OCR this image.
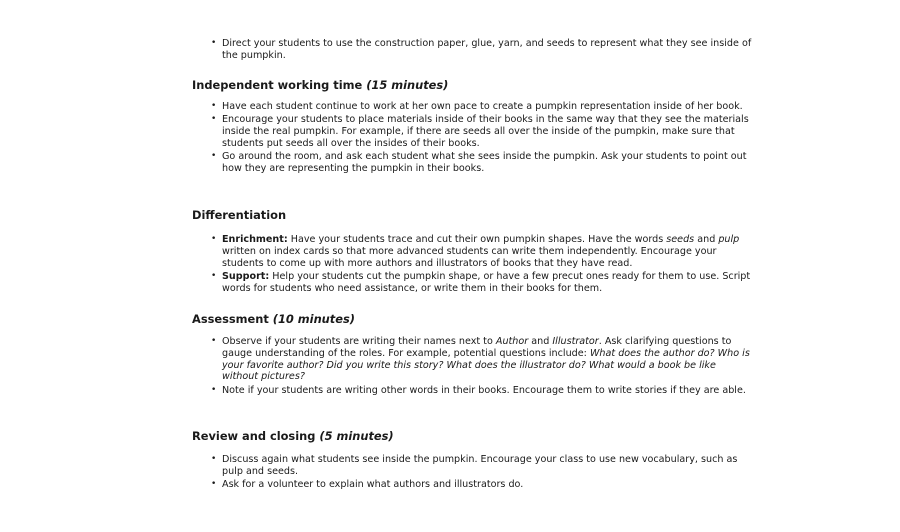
• Direct your students to use the construction paper, glue, yarn, and seeds to represent what they see inside of the pumpkin.
Independent working time (15 minutes)
• Have each student continue to work at her own pace to create a pumpkin representation inside of her book.
• Encourage your students to place materials inside of their books in the same way that they see the materials inside the real pumpkin. For example, if there are seeds all over the inside of the pumpkin, make sure that students put seeds all over the insides of their books.
• Go around the room, and ask each student what she sees inside the pumpkin. Ask your students to point out how they are representing the pumpkin in their books.
Differentiation
• Enrichment: Have your students trace and cut their own pumpkin shapes. Have the words seeds and pulp written on index cards so that more advanced students can write them independently. Encourage your students to come up with more authors and illustrators of books that they have read.
• Support: Help your students cut the pumpkin shape, or have a few precut ones ready for them to use. Script words for students who need assistance, or write them in their books for them.
Assessment (10 minutes)
• Observe if your students are writing their names next to Author and Illustrator. Ask clarifying questions to gauge understanding of the roles. For example, potential questions include: What does the author do? Who is your favorite author? Did you write this story? What does the illustrator do? What would a book be like without pictures?
• Note if your students are writing other words in their books. Encourage them to write stories if they are able.
Review and closing (5 minutes)
• Discuss again what students see inside the pumpkin. Encourage your class to use new vocabulary, such as pulp and seeds.
• Ask for a volunteer to explain what authors and illustrators do.
